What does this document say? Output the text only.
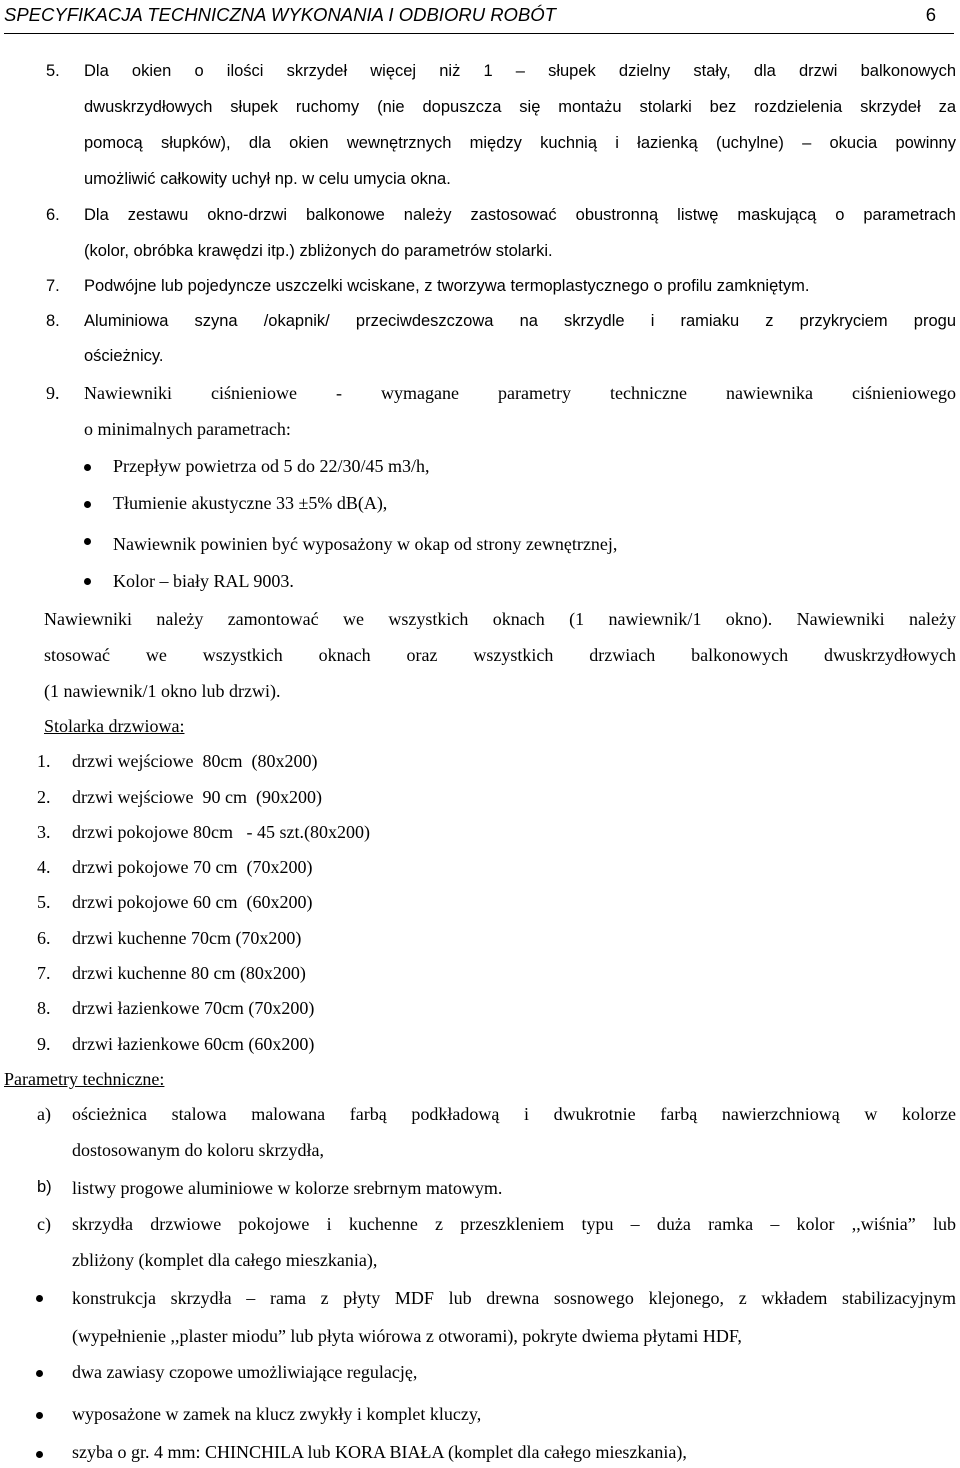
SPECYFIKACJA TECHNICZNA WYKONANIA I ODBIORU ROBÓT	6
5. Dla okien o ilości skrzydeł więcej niż 1 – słupek dzielny stały, dla drzwi balkonowych
dwuskrzydłowych słupek ruchomy (nie dopuszcza się montażu stolarki bez rozdzielenia skrzydeł za
pomocą słupków), dla okien wewnętrznych między kuchnią i łazienką (uchylne) – okucia powinny
umożliwić całkowity uchył np. w celu umycia okna.
6. Dla zestawu okno-drzwi balkonowe należy zastosować obustronną listwę maskującą o parametrach
(kolor, obróbka krawędzi itp.) zbliżonych do parametrów stolarki.
7. Podwójne lub pojedyncze uszczelki wciskane, z tworzywa termoplastycznego o profilu zamkniętym.
8. Aluminiowa szyna /okapnik/ przeciwdeszczowa na skrzydle i ramiaku z przykryciem progu
ościeżnicy.
9. Nawiewniki ciśnieniowe - wymagane parametry techniczne nawiewnika ciśnieniowego
o minimalnych parametrach:
Przepływ powietrza od 5 do 22/30/45 m3/h,
Tłumienie akustyczne 33 ±5% dB(A),
Nawiewnik powinien być wyposażony w okap od strony zewnętrznej,
Kolor – biały RAL 9003.
Nawiewniki należy zamontować we wszystkich oknach (1 nawiewnik/1 okno). Nawiewniki należy
stosować we wszystkich oknach oraz wszystkich drzwiach balkonowych dwuskrzydłowych
(1 nawiewnik/1 okno lub drzwi).
Stolarka drzwiowa:
1. drzwi wejściowe  80cm  (80x200)
2. drzwi wejściowe  90 cm  (90x200)
3. drzwi pokojowe 80cm   - 45 szt.(80x200)
4. drzwi pokojowe 70 cm  (70x200)
5. drzwi pokojowe 60 cm  (60x200)
6. drzwi kuchenne 70cm (70x200)
7. drzwi kuchenne 80 cm (80x200)
8. drzwi łazienkowe 70cm (70x200)
9. drzwi łazienkowe 60cm (60x200)
Parametry techniczne:
a) ościeżnica stalowa malowana farbą podkładową i dwukrotnie farbą nawierzchniową w kolorze
dostosowanym do koloru skrzydła,
b) listwy progowe aluminiowe w kolorze srebrnym matowym.
c) skrzydła drzwiowe pokojowe i kuchenne z przeszkleniem typu – duża ramka – kolor ,,wiśnia” lub
zbliżony (komplet dla całego mieszkania),
konstrukcja skrzydła – rama z płyty MDF lub drewna sosnowego klejonego, z wkładem stabilizacyjnym
(wypełnienie ,,plaster miodu” lub płyta wiórowa z otworami), pokryte dwiema płytami HDF,
dwa zawiasy czopowe umożliwiające regulację,
wyposażone w zamek na klucz zwykły i komplet kluczy,
szyba o gr. 4 mm: CHINCHILA lub KORA BIAŁA (komplet dla całego mieszkania),
